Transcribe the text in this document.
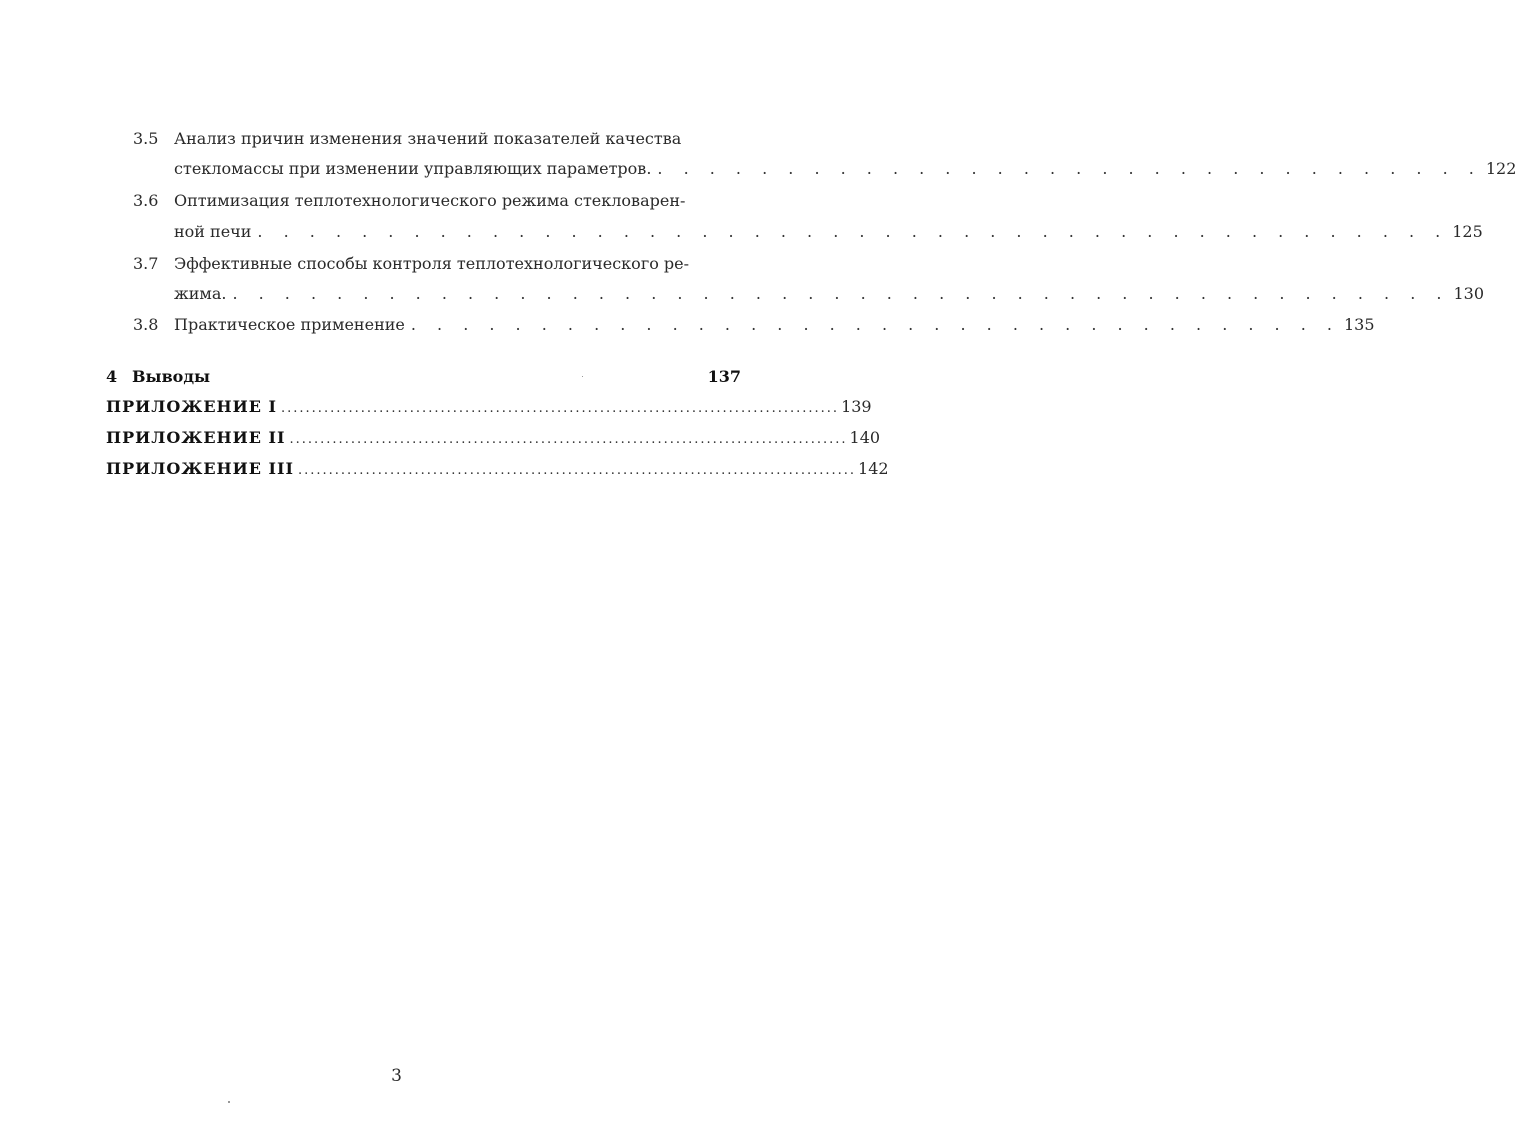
3.5 Анализ причин изменения значений показателей качества
стекломассы при изменении управляющих параметров. . . . . . . . . . . . . . . . . . . . . . . . . . . . . . . . . 122
3.6 Оптимизация теплотехнологического режима стекловарен-
ной печи . . . . . . . . . . . . . . . . . . . . . . . . . . . . . . . . . . . . . . . . . . . . . . 125
3.7 Эффективные способы контроля теплотехнологического ре-
жима. . . . . . . . . . . . . . . . . . . . . . . . . . . . . . . . . . . . . . . . . . . . . . . . 130
3.8 Практическое применение . . . . . . . . . . . . . . . . . . . . . . . . . . . . . . . . . . . . 135
4 Выводы	137
ПРИЛОЖЕНИЕ I ........................................................................................... 139
ПРИЛОЖЕНИЕ II ........................................................................................... 140
ПРИЛОЖЕНИЕ III ........................................................................................... 142
3
